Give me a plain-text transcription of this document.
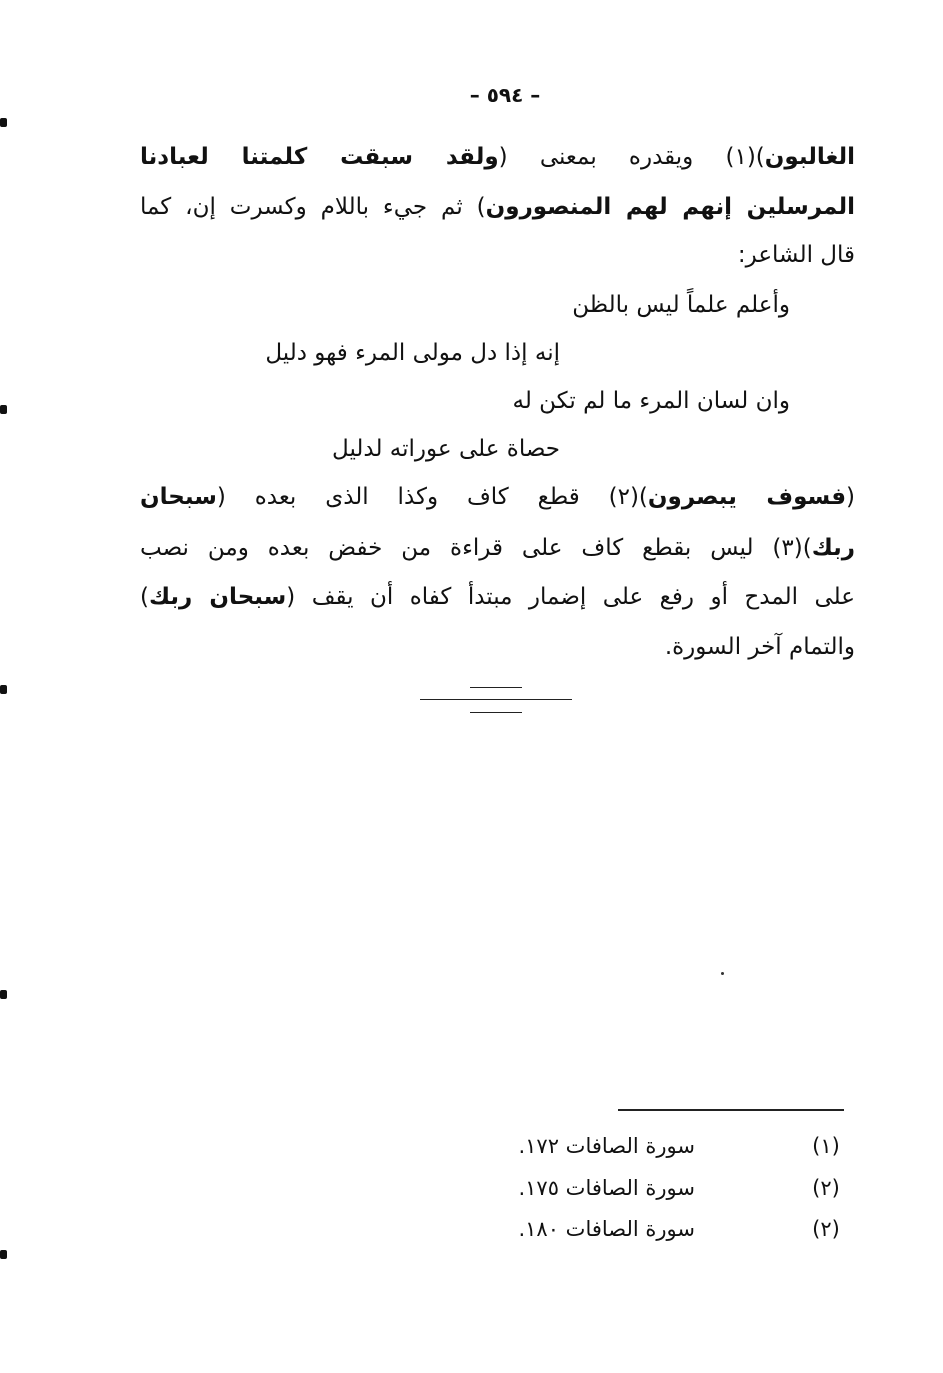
– ٥٩٤ –
الغالبون)(١) ويقدره بمعنى (ولقد سبقت كلمتنا لعبادنا
المرسلين إنهم لهم المنصورون) ثم جيء باللام وكسرت إن، كما
قال الشاعر:
وأعلم علماً ليس بالظن
إنه إذا دل مولى المرء فهو دليل
وان لسان المرء ما لم تكن له
حصاة على عوراته لدليل
(فسوف يبصرون)(٢) قطع كاف وكذا الذى بعده (سبحان
ربك)(٣) ليس بقطع كاف على قراءة من خفض بعده ومن نصب
على المدح أو رفع على إضمار مبتدأ كفاه أن يقف (سبحان ربك)
والتمام آخر السورة.
(١)
سورة الصافات ١٧٢.
(٢)
سورة الصافات ١٧٥.
(٢)
سورة الصافات ١٨٠.
